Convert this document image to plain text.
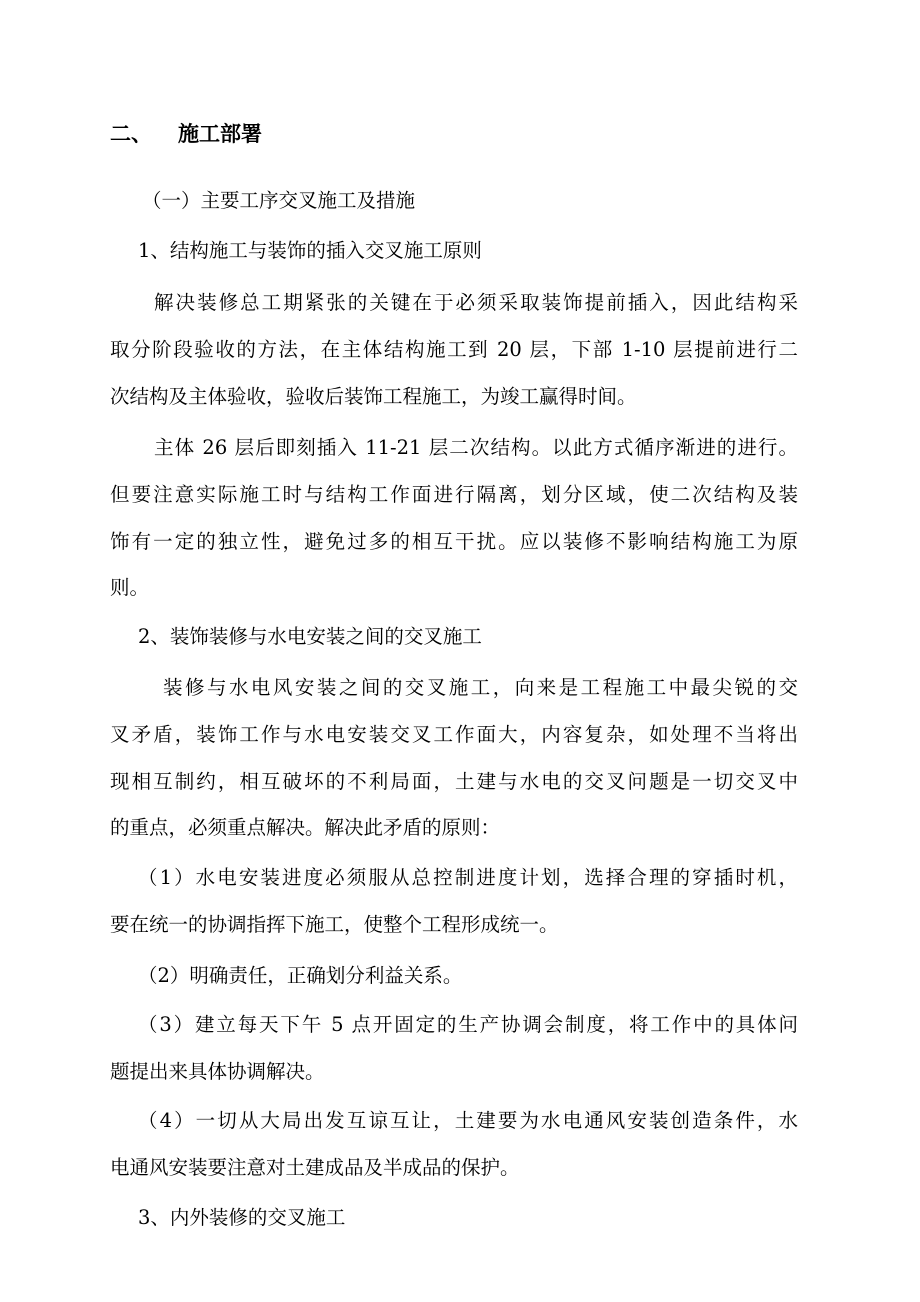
二、 施工部署
（一）主要工序交叉施工及措施
1、结构施工与装饰的插入交叉施工原则
解决装修总工期紧张的关键在于必须采取装饰提前插入，因此结构采
取分阶段验收的方法，在主体结构施工到 20 层，下部 1-10 层提前进行二
次结构及主体验收，验收后装饰工程施工，为竣工赢得时间。
主体 26 层后即刻插入 11-21 层二次结构。以此方式循序渐进的进行。
但要注意实际施工时与结构工作面进行隔离，划分区域，使二次结构及装
饰有一定的独立性，避免过多的相互干扰。应以装修不影响结构施工为原
则。
2、装饰装修与水电安装之间的交叉施工
装修与水电风安装之间的交叉施工，向来是工程施工中最尖锐的交
叉矛盾，装饰工作与水电安装交叉工作面大，内容复杂，如处理不当将出
现相互制约，相互破坏的不利局面，土建与水电的交叉问题是一切交叉中
的重点，必须重点解决。解决此矛盾的原则：
（1）水电安装进度必须服从总控制进度计划，选择合理的穿插时机，
要在统一的协调指挥下施工，使整个工程形成统一。
（2）明确责任，正确划分利益关系。
（3）建立每天下午 5 点开固定的生产协调会制度，将工作中的具体问
题提出来具体协调解决。
（4）一切从大局出发互谅互让，土建要为水电通风安装创造条件，水
电通风安装要注意对土建成品及半成品的保护。
3、内外装修的交叉施工
